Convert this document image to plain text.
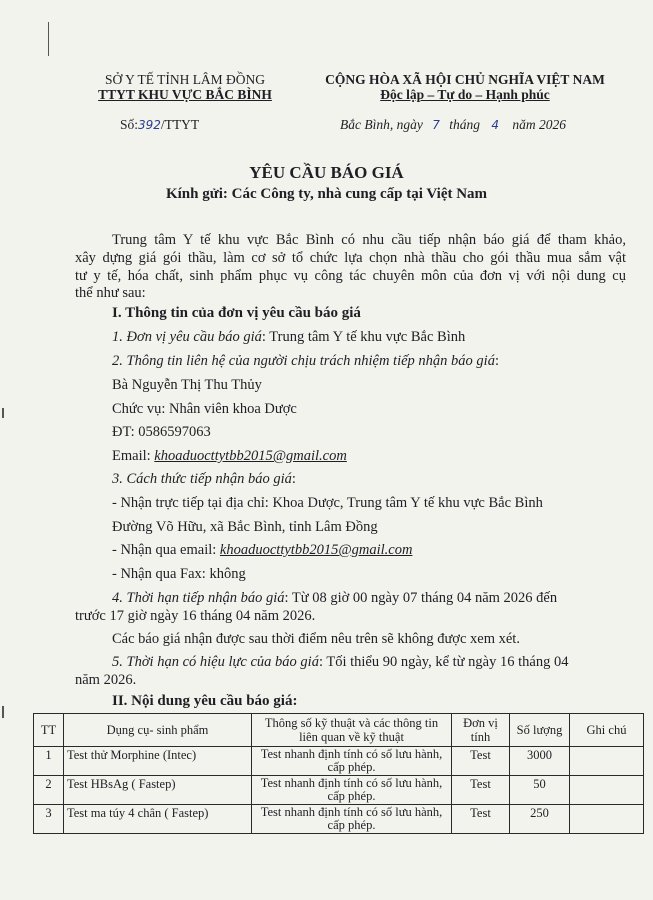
SỞ Y TẾ TỈNH LÂM ĐỒNG
TTYT KHU VỰC BẮC BÌNH
Số:392/TTYT
CỘNG HÒA XÃ HỘI CHỦ NGHĨA VIỆT NAM
Độc lập – Tự do – Hạnh phúc
Bắc Bình, ngày 7 tháng 4 năm 2026
YÊU CẦU BÁO GIÁ
Kính gửi: Các Công ty, nhà cung cấp tại Việt Nam
Trung tâm Y tế khu vực Bắc Bình có nhu cầu tiếp nhận báo giá để tham khảo,
xây dựng giá gói thầu, làm cơ sở tổ chức lựa chọn nhà thầu cho gói thầu mua sắm vật
tư y tế, hóa chất, sinh phẩm phục vụ công tác chuyên môn của đơn vị với nội dung cụ
thể như sau:
I. Thông tin của đơn vị yêu cầu báo giá
1. Đơn vị yêu cầu báo giá: Trung tâm Y tế khu vực Bắc Bình
2. Thông tin liên hệ của người chịu trách nhiệm tiếp nhận báo giá:
Bà Nguyễn Thị Thu Thủy
Chức vụ: Nhân viên khoa Dược
ĐT: 0586597063
Email: khoaduocttytbb2015@gmail.com
3. Cách thức tiếp nhận báo giá:
- Nhận trực tiếp tại địa chỉ: Khoa Dược, Trung tâm Y tế khu vực Bắc Bình
Đường Võ Hữu, xã Bắc Bình, tỉnh Lâm Đồng
- Nhận qua email: khoaduocttytbb2015@gmail.com
- Nhận qua Fax: không
4. Thời hạn tiếp nhận báo giá: Từ 08 giờ 00 ngày 07 tháng 04 năm 2026 đến
trước 17 giờ ngày 16 tháng 04 năm 2026.
Các báo giá nhận được sau thời điểm nêu trên sẽ không được xem xét.
5. Thời hạn có hiệu lực của báo giá: Tối thiểu 90 ngày, kể từ ngày 16 tháng 04
năm 2026.
II. Nội dung yêu cầu báo giá:
TT	Dụng cụ- sinh phẩm	Thông số kỹ thuật và các thông tin
liên quan về kỹ thuật	Đơn vị
tính	Số lượng	Ghi chú
1	Test thử Morphine (Intec)	Test nhanh định tính có số lưu hành,
cấp phép.	Test	3000	
2	Test HBsAg ( Fastep)	Test nhanh định tính có số lưu hành,
cấp phép.	Test	50	
3	Test ma túy 4 chân ( Fastep)	Test nhanh định tính có số lưu hành,
cấp phép.	Test	250	
